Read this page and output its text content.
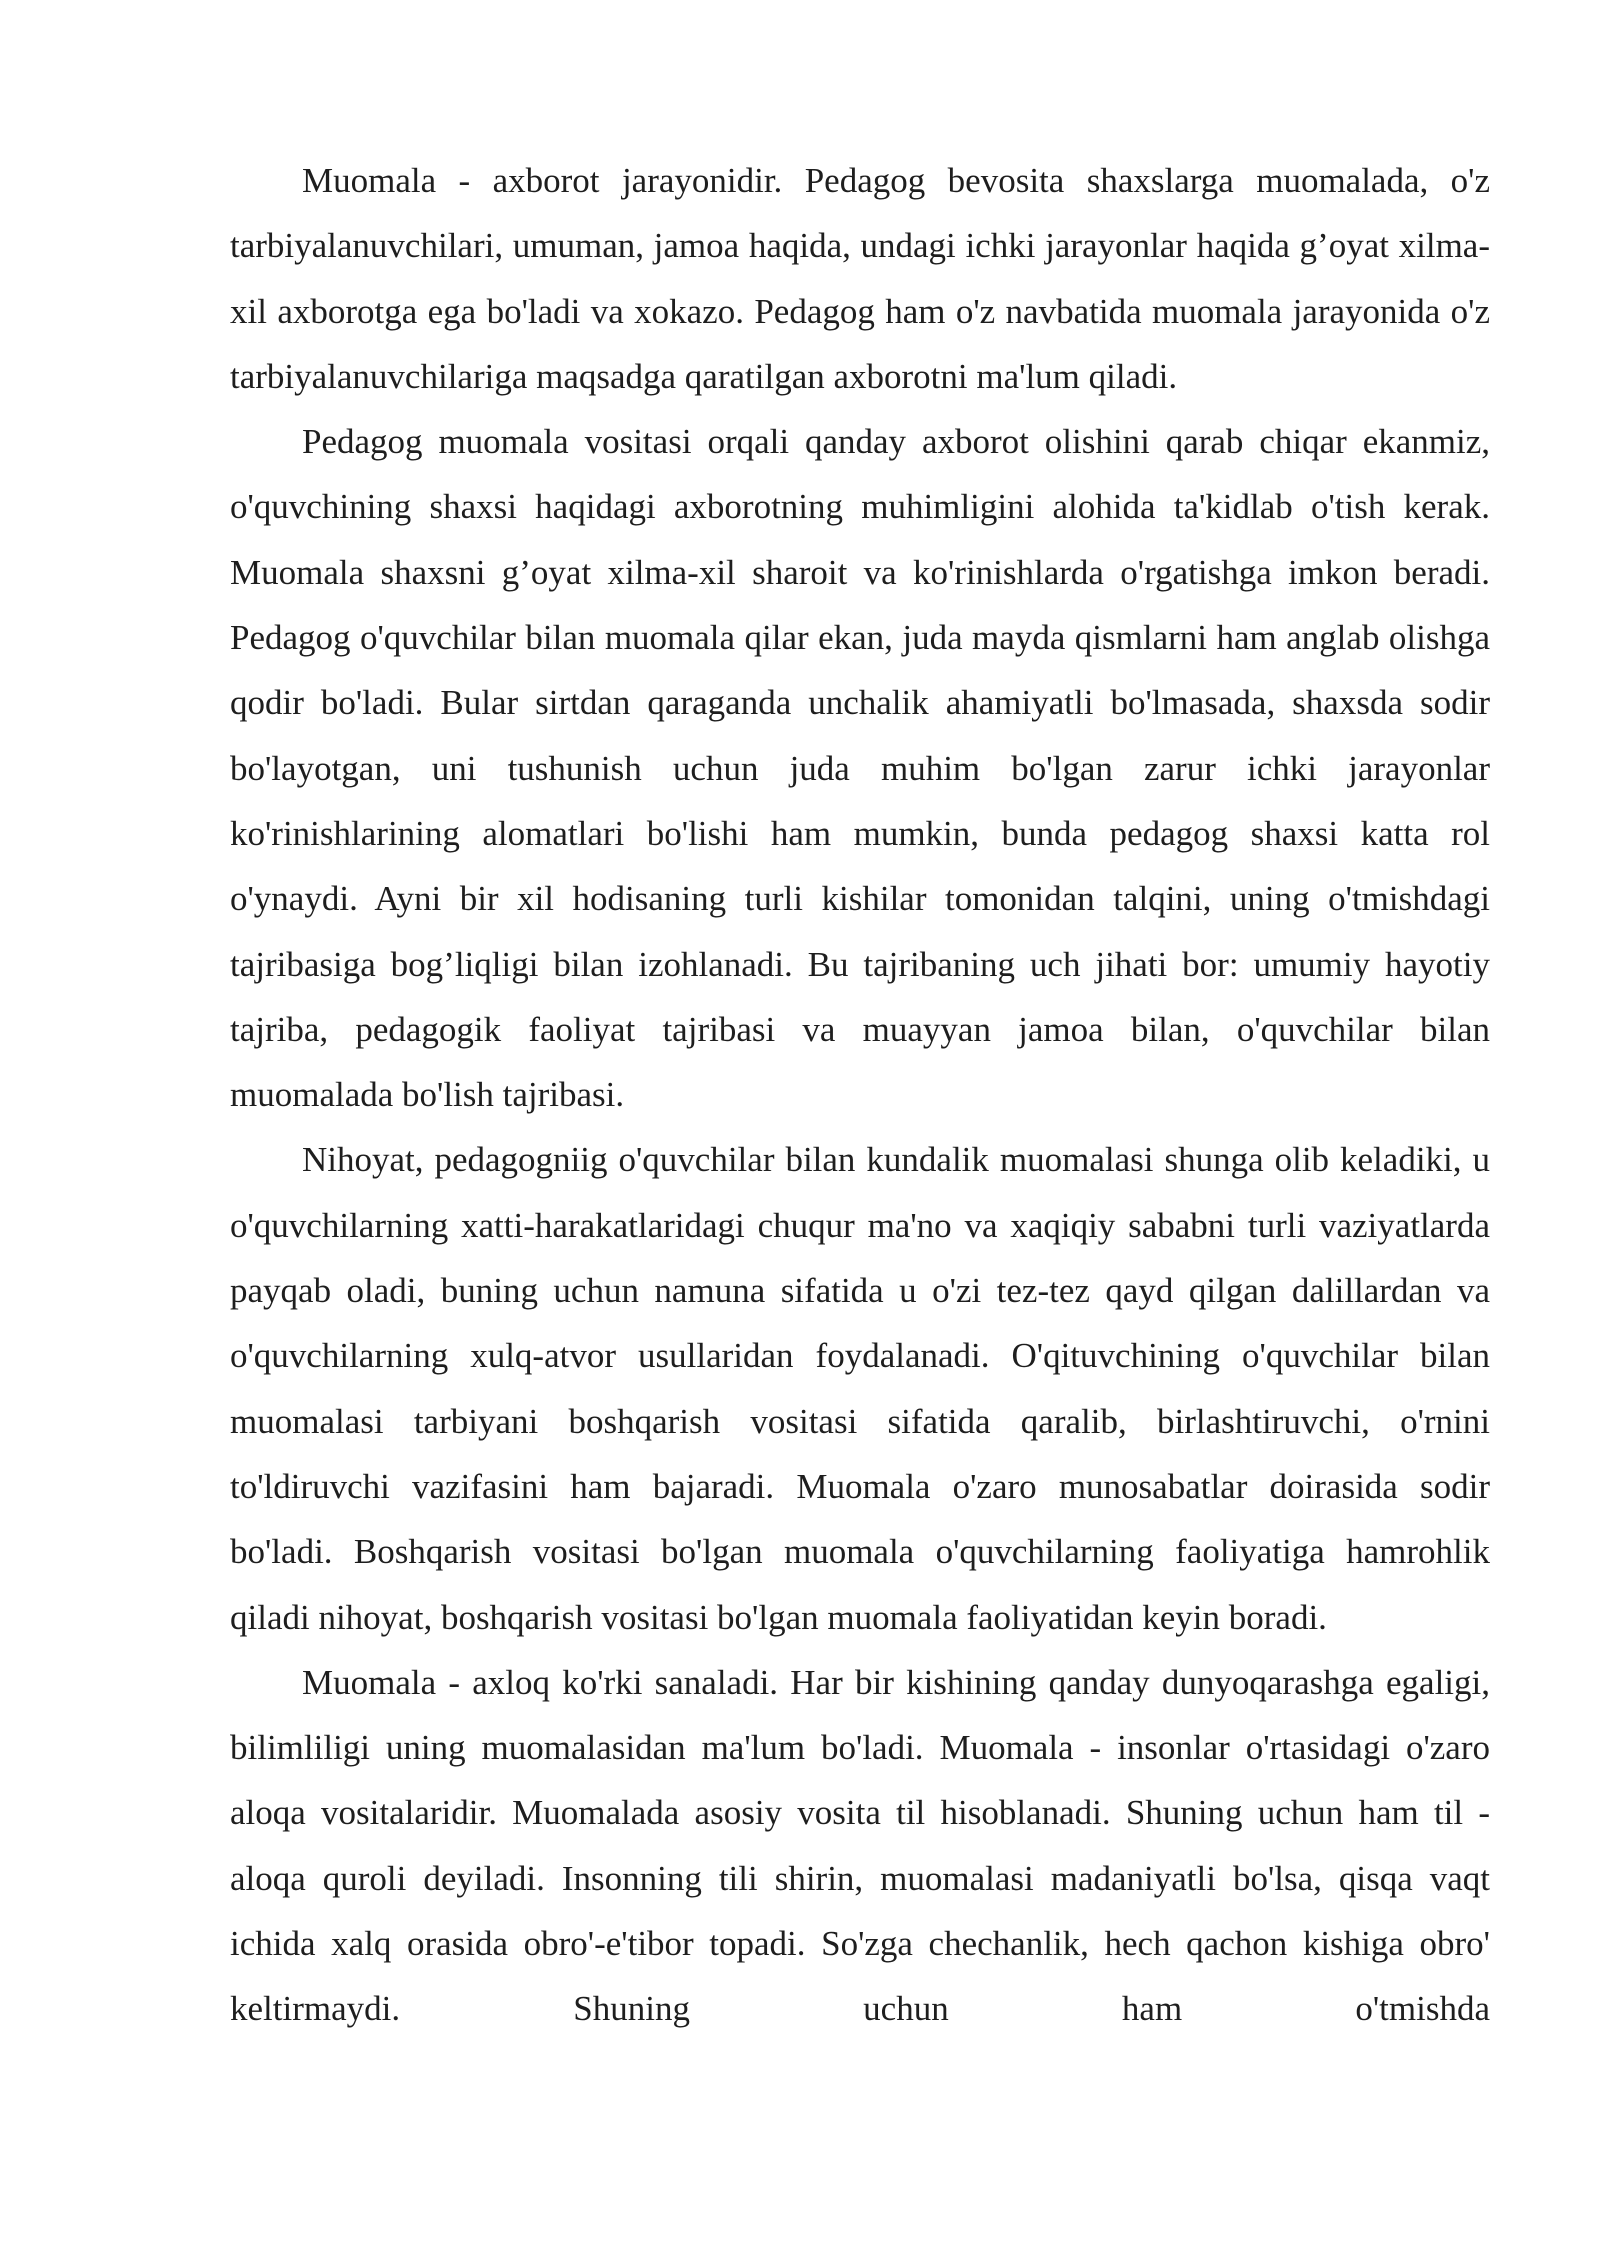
Muomala - axborot jarayonidir. Pedagog bevosita shaxslarga muomalada, o'z tarbiyalanuvchilari, umuman, jamoa haqida, undagi ichki jarayonlar haqida g’oyat xilma-xil axborotga ega bo'ladi va xokazo. Pedagog ham o'z navbatida muomala jarayonida o'z tarbiyalanuvchilariga maqsadga qaratilgan axborotni ma'lum qiladi.

Pedagog muomala vositasi orqali qanday axborot olishini qarab chiqar ekanmiz, o'quvchining shaxsi haqidagi axborotning muhimligini alohida ta'kidlab o'tish kerak. Muomala shaxsni g’oyat xilma-xil sharoit va ko'rinishlarda o'rgatishga imkon beradi. Pedagog o'quvchilar bilan muomala qilar ekan, juda mayda qismlarni ham anglab olishga qodir bo'ladi. Bular sirtdan qaraganda unchalik ahamiyatli bo'lmasada, shaxsda sodir bo'layotgan, uni tushunish uchun juda muhim bo'lgan zarur ichki jarayonlar ko'rinishlarining alomatlari bo'lishi ham mumkin, bunda pedagog shaxsi katta rol o'ynaydi. Ayni bir xil hodisaning turli kishilar tomonidan talqini, uning o'tmishdagi tajribasiga bog’liqligi bilan izohlanadi. Bu tajribaning uch jihati bor: umumiy hayotiy tajriba, pedagogik faoliyat tajribasi va muayyan jamoa bilan, o'quvchilar bilan muomalada bo'lish tajribasi.

Nihoyat, pedagogniig o'quvchilar bilan kundalik muomalasi shunga olib keladiki, u o'quvchilarning xatti-harakatlaridagi chuqur ma'no va xaqiqiy sababni turli vaziyatlarda payqab oladi, buning uchun namuna sifatida u o'zi tez-tez qayd qilgan dalillardan va o'quvchilarning xulq-atvor usullaridan foydalanadi. O'qituvchining o'quvchilar bilan muomalasi tarbiyani boshqarish vositasi sifatida qaralib, birlashtiruvchi, o'rnini to'ldiruvchi vazifasini ham bajaradi. Muomala o'zaro munosabatlar doirasida sodir bo'ladi. Boshqarish vositasi bo'lgan muomala o'quvchilarning faoliyatiga hamrohlik qiladi nihoyat, boshqarish vositasi bo'lgan muomala faoliyatidan keyin boradi.

Muomala - axloq ko'rki sanaladi. Har bir kishining qanday dunyoqarashga egaligi, bilimliligi uning muomalasidan ma'lum bo'ladi. Muomala - insonlar o'rtasidagi o'zaro aloqa vositalaridir. Muomalada asosiy vosita til hisoblanadi. Shuning uchun ham til - aloqa quroli deyiladi. Insonning tili shirin, muomalasi madaniyatli bo'lsa, qisqa vaqt ichida xalq orasida obro'-e'tibor topadi. So'zga chechanlik, hech qachon kishiga obro' keltirmaydi. Shuning uchun ham o'tmishda
